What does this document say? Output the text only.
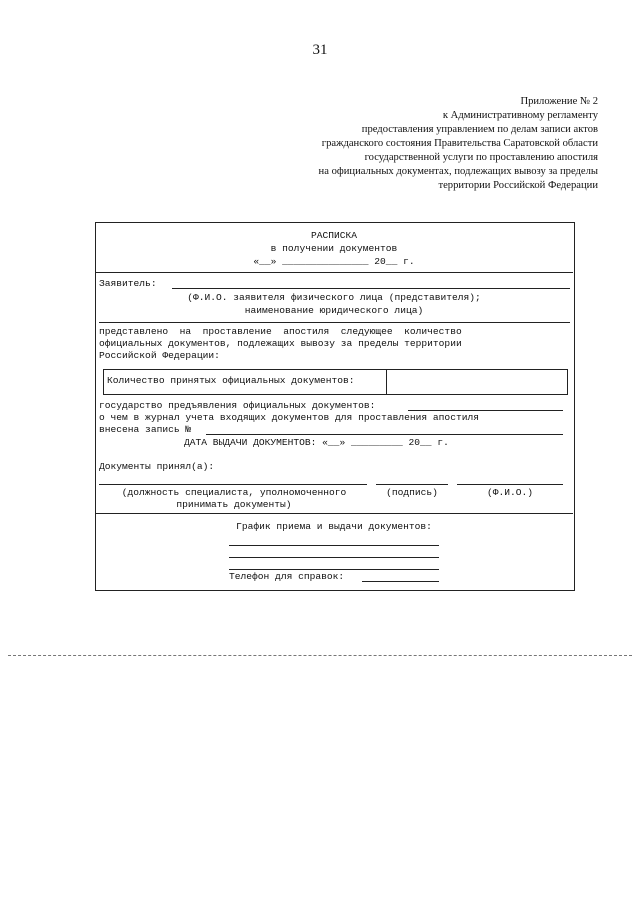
31
Приложение № 2
к Административному регламенту
предоставления управлением по делам записи актов
гражданского состояния Правительства Саратовской области
государственной услуги по проставлению апостиля
на официальных документах, подлежащих вывозу за пределы
территории Российской Федерации
РАСПИСКА
в получении документов
«__» _______________ 20__ г.
Заявитель:
(Ф.И.О. заявителя физического лица (представителя);
наименование юридического лица)
представлено  на  проставление  апостиля  следующее  количество
официальных документов, подлежащих вывозу за пределы территории
Российской Федерации:
Количество принятых официальных документов:
государство предъявления официальных документов:
о чем в журнал учета входящих документов для проставления апостиля
внесена запись №
ДАТА ВЫДАЧИ ДОКУМЕНТОВ: «__» _________ 20__ г.
Документы принял(а):
(должность специалиста, уполномоченного
принимать документы)
(подпись)	(Ф.И.О.)
График приема и выдачи документов:
Телефон для справок:
